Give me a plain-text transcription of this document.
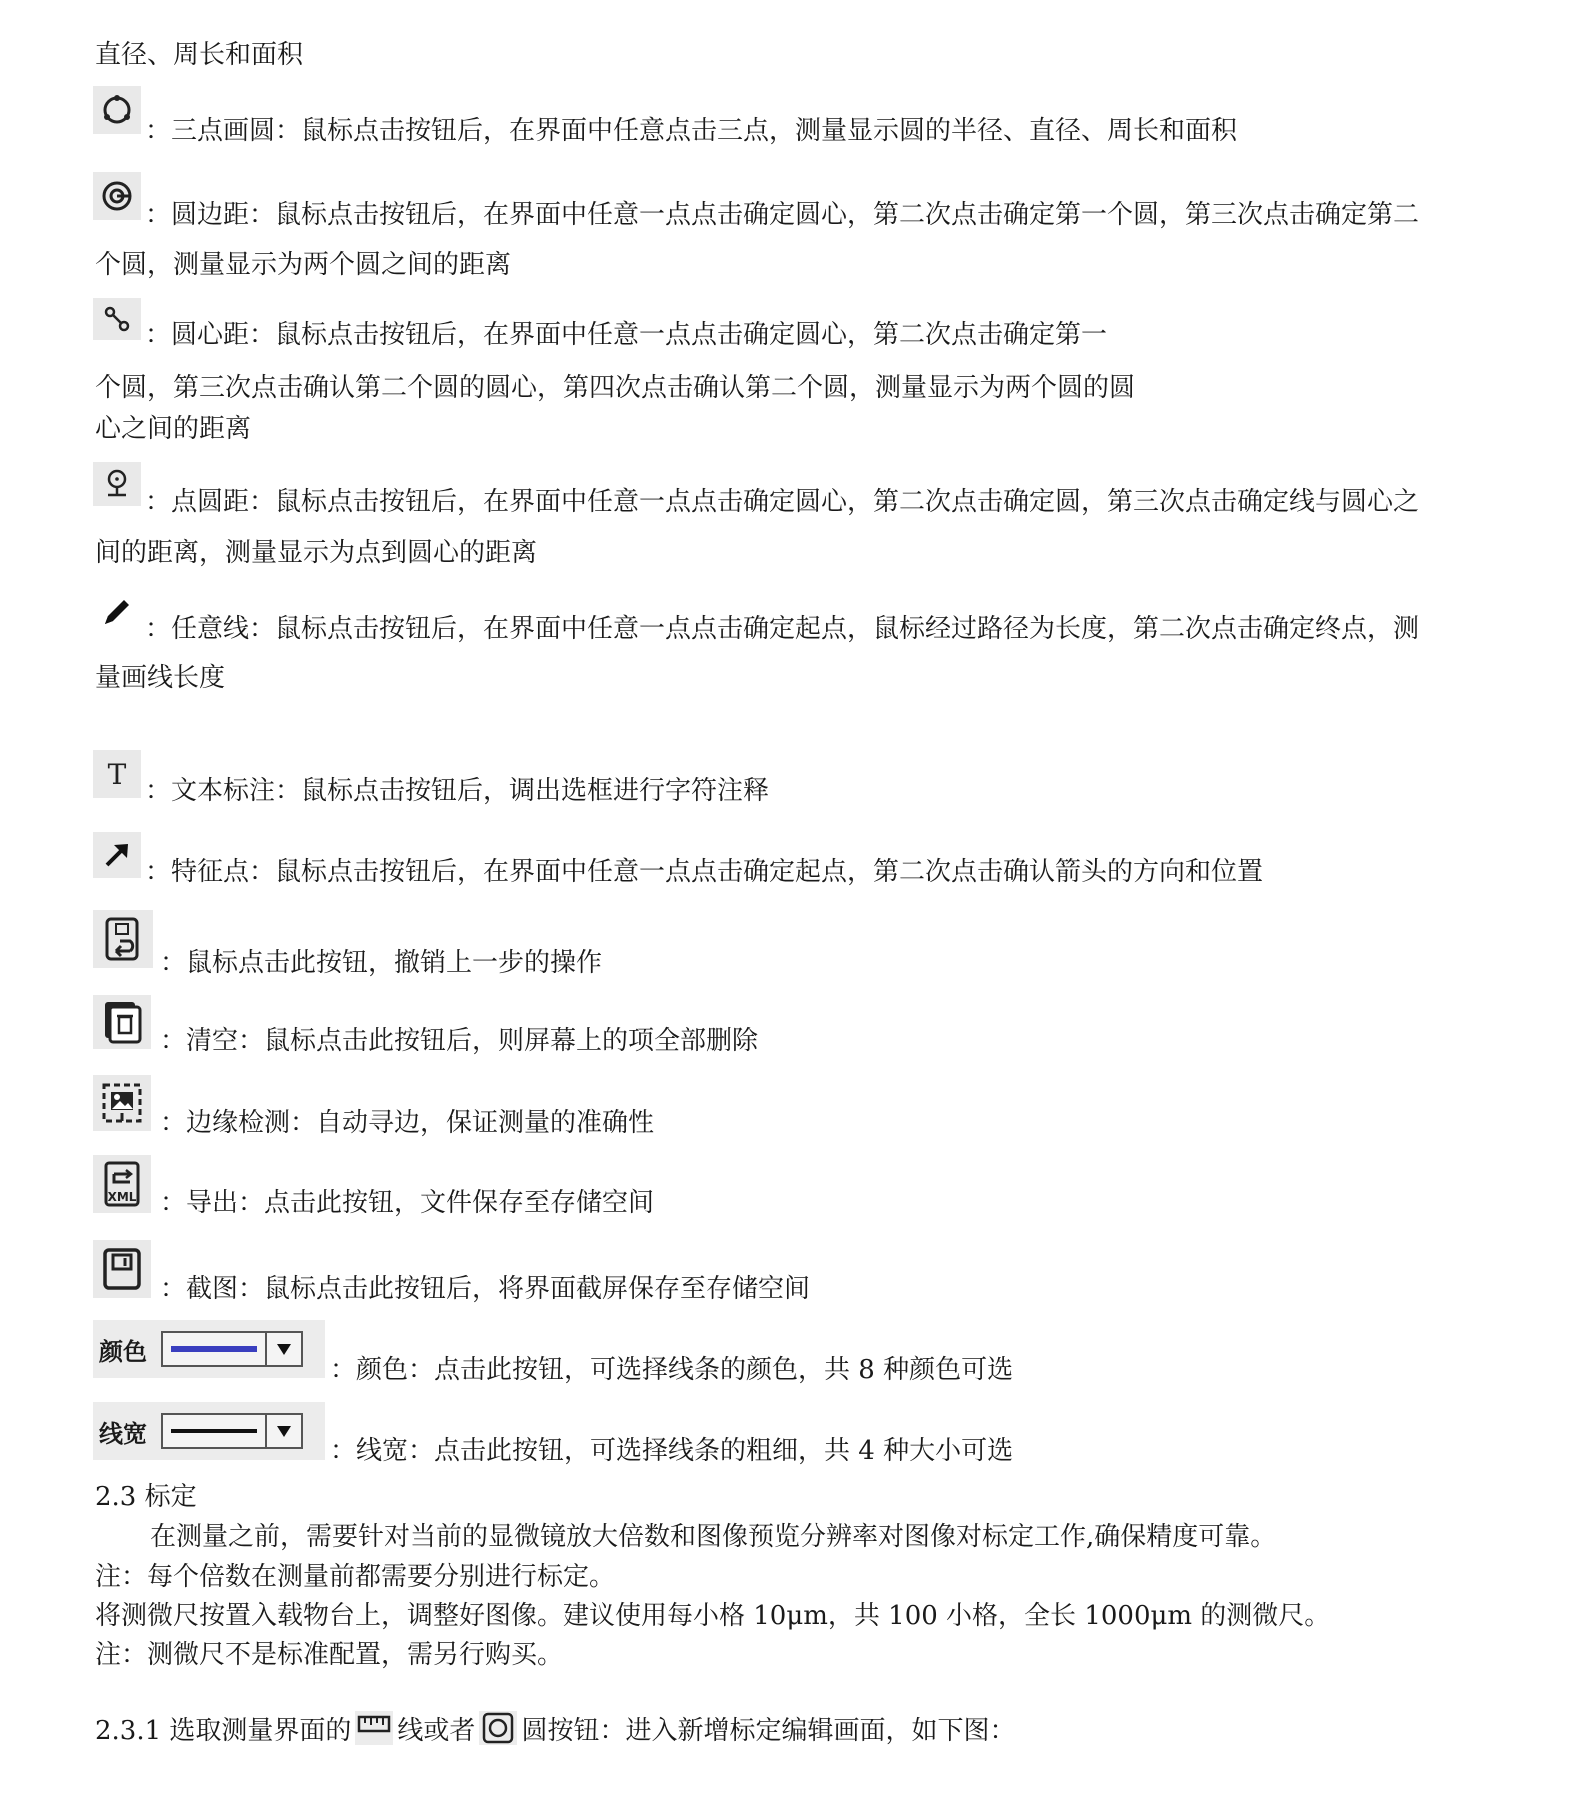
直径、周长和面积
：三点画圆：鼠标点击按钮后，在界面中任意点击三点，测量显示圆的半径、直径、周长和面积
：圆边距：鼠标点击按钮后，在界面中任意一点点击确定圆心，第二次点击确定第一个圆，第三次点击确定第二
个圆，测量显示为两个圆之间的距离
：圆心距：鼠标点击按钮后，在界面中任意一点点击确定圆心，第二次点击确定第一
个圆，第三次点击确认第二个圆的圆心，第四次点击确认第二个圆，测量显示为两个圆的圆
心之间的距离
：点圆距：鼠标点击按钮后，在界面中任意一点点击确定圆心，第二次点击确定圆，第三次点击确定线与圆心之
间的距离，测量显示为点到圆心的距离
：任意线：鼠标点击按钮后，在界面中任意一点点击确定起点，鼠标经过路径为长度，第二次点击确定终点，测
量画线长度
T ：文本标注：鼠标点击按钮后，调出选框进行字符注释
：特征点：鼠标点击按钮后，在界面中任意一点点击确定起点，第二次点击确认箭头的方向和位置
：鼠标点击此按钮，撤销上一步的操作
：清空：鼠标点击此按钮后，则屏幕上的项全部删除
：边缘检测：自动寻边，保证测量的准确性
XML ：导出：点击此按钮，文件保存至存储空间
：截图：鼠标点击此按钮后，将界面截屏保存至存储空间
颜色
：颜色：点击此按钮，可选择线条的颜色，共 8 种颜色可选
线宽
：线宽：点击此按钮，可选择线条的粗细，共 4 种大小可选
2.3 标定
在测量之前，需要针对当前的显微镜放大倍数和图像预览分辨率对图像对标定工作,确保精度可靠。
注：每个倍数在测量前都需要分别进行标定。
将测微尺按置入载物台上，调整好图像。建议使用每小格 10μm，共 100 小格，全长 1000μm 的测微尺。
注：测微尺不是标准配置，需另行购买。
2.3.1 选取测量界面的 线或者 圆按钮：进入新增标定编辑画面，如下图：
